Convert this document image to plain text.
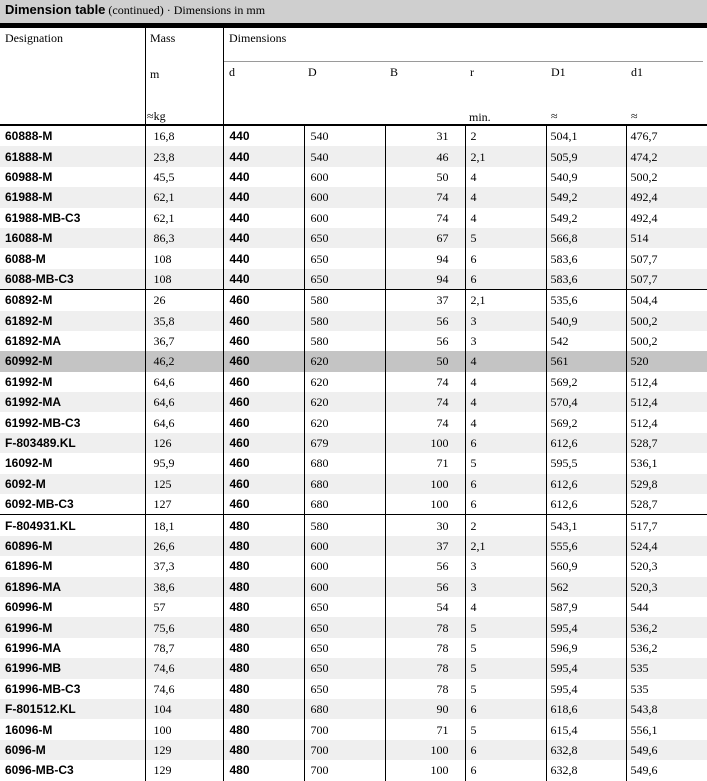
Dimension table (continued) · Dimensions in mm
Designation	Mass
m
≈kg
Dimensions
d	D	B	r
min.
D1
≈
d1
≈
60888-M	16,8	440	540	31	2	504,1	476,7
61888-M	23,8	440	540	46	2,1	505,9	474,2
60988-M	45,5	440	600	50	4	540,9	500,2
61988-M	62,1	440	600	74	4	549,2	492,4
61988-MB-C3	62,1	440	600	74	4	549,2	492,4
16088-M	86,3	440	650	67	5	566,8	514
6088-M	108	440	650	94	6	583,6	507,7
6088-MB-C3	108	440	650	94	6	583,6	507,7
60892-M	26	460	580	37	2,1	535,6	504,4
61892-M	35,8	460	580	56	3	540,9	500,2
61892-MA	36,7	460	580	56	3	542	500,2
60992-M	46,2	460	620	50	4	561	520
61992-M	64,6	460	620	74	4	569,2	512,4
61992-MA	64,6	460	620	74	4	570,4	512,4
61992-MB-C3	64,6	460	620	74	4	569,2	512,4
F-803489.KL	126	460	679	100	6	612,6	528,7
16092-M	95,9	460	680	71	5	595,5	536,1
6092-M	125	460	680	100	6	612,6	529,8
6092-MB-C3	127	460	680	100	6	612,6	528,7
F-804931.KL	18,1	480	580	30	2	543,1	517,7
60896-M	26,6	480	600	37	2,1	555,6	524,4
61896-M	37,3	480	600	56	3	560,9	520,3
61896-MA	38,6	480	600	56	3	562	520,3
60996-M	57	480	650	54	4	587,9	544
61996-M	75,6	480	650	78	5	595,4	536,2
61996-MA	78,7	480	650	78	5	596,9	536,2
61996-MB	74,6	480	650	78	5	595,4	535
61996-MB-C3	74,6	480	650	78	5	595,4	535
F-801512.KL	104	480	680	90	6	618,6	543,8
16096-M	100	480	700	71	5	615,4	556,1
6096-M	129	480	700	100	6	632,8	549,6
6096-MB-C3	129	480	700	100	6	632,8	549,6
